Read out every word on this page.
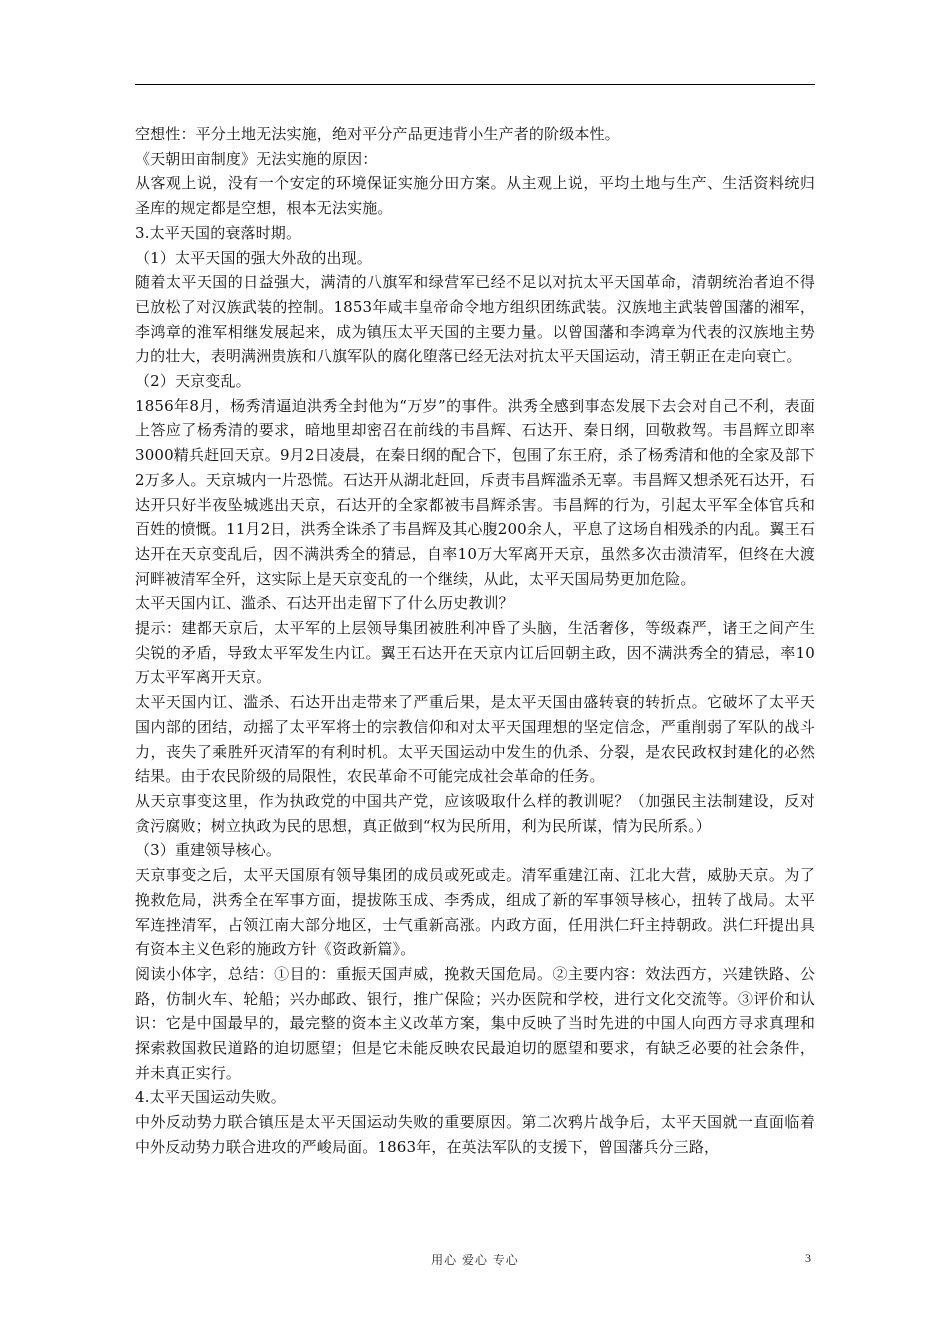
空想性：平分土地无法实施，绝对平分产品更违背小生产者的阶级本性。

《天朝田亩制度》无法实施的原因：

从客观上说，没有一个安定的环境保证实施分田方案。从主观上说，平均土地与生产、生活资料统归圣库的规定都是空想，根本无法实施。

3.太平天国的衰落时期。

（1）太平天国的强大外敌的出现。

随着太平天国的日益强大，满清的八旗军和绿营军已经不足以对抗太平天国革命，清朝统治者迫不得已放松了对汉族武装的控制。1853年咸丰皇帝命令地方组织团练武装。汉族地主武装曾国藩的湘军，李鸿章的淮军相继发展起来，成为镇压太平天国的主要力量。以曾国藩和李鸿章为代表的汉族地主势力的壮大，表明满洲贵族和八旗军队的腐化堕落已经无法对抗太平天国运动，清王朝正在走向衰亡。

（2）天京变乱。

1856年8月，杨秀清逼迫洪秀全封他为“万岁”的事件。洪秀全感到事态发展下去会对自己不利，表面上答应了杨秀清的要求，暗地里却密召在前线的韦昌辉、石达开、秦日纲，回敬救驾。韦昌辉立即率3000精兵赶回天京。9月2日凌晨，在秦日纲的配合下，包围了东王府，杀了杨秀清和他的全家及部下2万多人。天京城内一片恐慌。石达开从湖北赶回，斥责韦昌辉滥杀无辜。韦昌辉又想杀死石达开，石达开只好半夜坠城逃出天京，石达开的全家都被韦昌辉杀害。韦昌辉的行为，引起太平军全体官兵和百姓的愤慨。11月2日，洪秀全诛杀了韦昌辉及其心腹200余人，平息了这场自相残杀的内乱。翼王石达开在天京变乱后，因不满洪秀全的猜忌，自率10万大军离开天京，虽然多次击溃清军，但终在大渡河畔被清军全歼，这实际上是天京变乱的一个继续，从此，太平天国局势更加危险。

太平天国内讧、滥杀、石达开出走留下了什么历史教训？

提示：建都天京后，太平军的上层领导集团被胜利冲昏了头脑，生活奢侈，等级森严，诸王之间产生尖锐的矛盾，导致太平军发生内讧。翼王石达开在天京内讧后回朝主政，因不满洪秀全的猜忌，率10万太平军离开天京。

太平天国内讧、滥杀、石达开出走带来了严重后果，是太平天国由盛转衰的转折点。它破坏了太平天国内部的团结，动摇了太平军将士的宗教信仰和对太平天国理想的坚定信念，严重削弱了军队的战斗力，丧失了乘胜歼灭清军的有利时机。太平天国运动中发生的仇杀、分裂，是农民政权封建化的必然结果。由于农民阶级的局限性，农民革命不可能完成社会革命的任务。

从天京事变这里，作为执政党的中国共产党，应该吸取什么样的教训呢？（加强民主法制建设，反对贪污腐败；树立执政为民的思想，真正做到“权为民所用，利为民所谋，情为民所系。）

（3）重建领导核心。

天京事变之后，太平天国原有领导集团的成员或死或走。清军重建江南、江北大营，威胁天京。为了挽救危局，洪秀全在军事方面，提拔陈玉成、李秀成，组成了新的军事领导核心，扭转了战局。太平军连挫清军，占领江南大部分地区，士气重新高涨。内政方面，任用洪仁玕主持朝政。洪仁玕提出具有资本主义色彩的施政方针《资政新篇》。

阅读小体字，总结：①目的：重振天国声威，挽救天国危局。②主要内容：效法西方，兴建铁路、公路，仿制火车、轮船；兴办邮政、银行，推广保险；兴办医院和学校，进行文化交流等。③评价和认识：它是中国最早的，最完整的资本主义改革方案，集中反映了当时先进的中国人向西方寻求真理和探索救国救民道路的迫切愿望；但是它未能反映农民最迫切的愿望和要求，有缺乏必要的社会条件，并未真正实行。

4.太平天国运动失败。

中外反动势力联合镇压是太平天国运动失败的重要原因。第二次鸦片战争后，太平天国就一直面临着中外反动势力联合进攻的严峻局面。1863年，在英法军队的支援下，曾国藩兵分三路，

用心 爱心 专心	3
